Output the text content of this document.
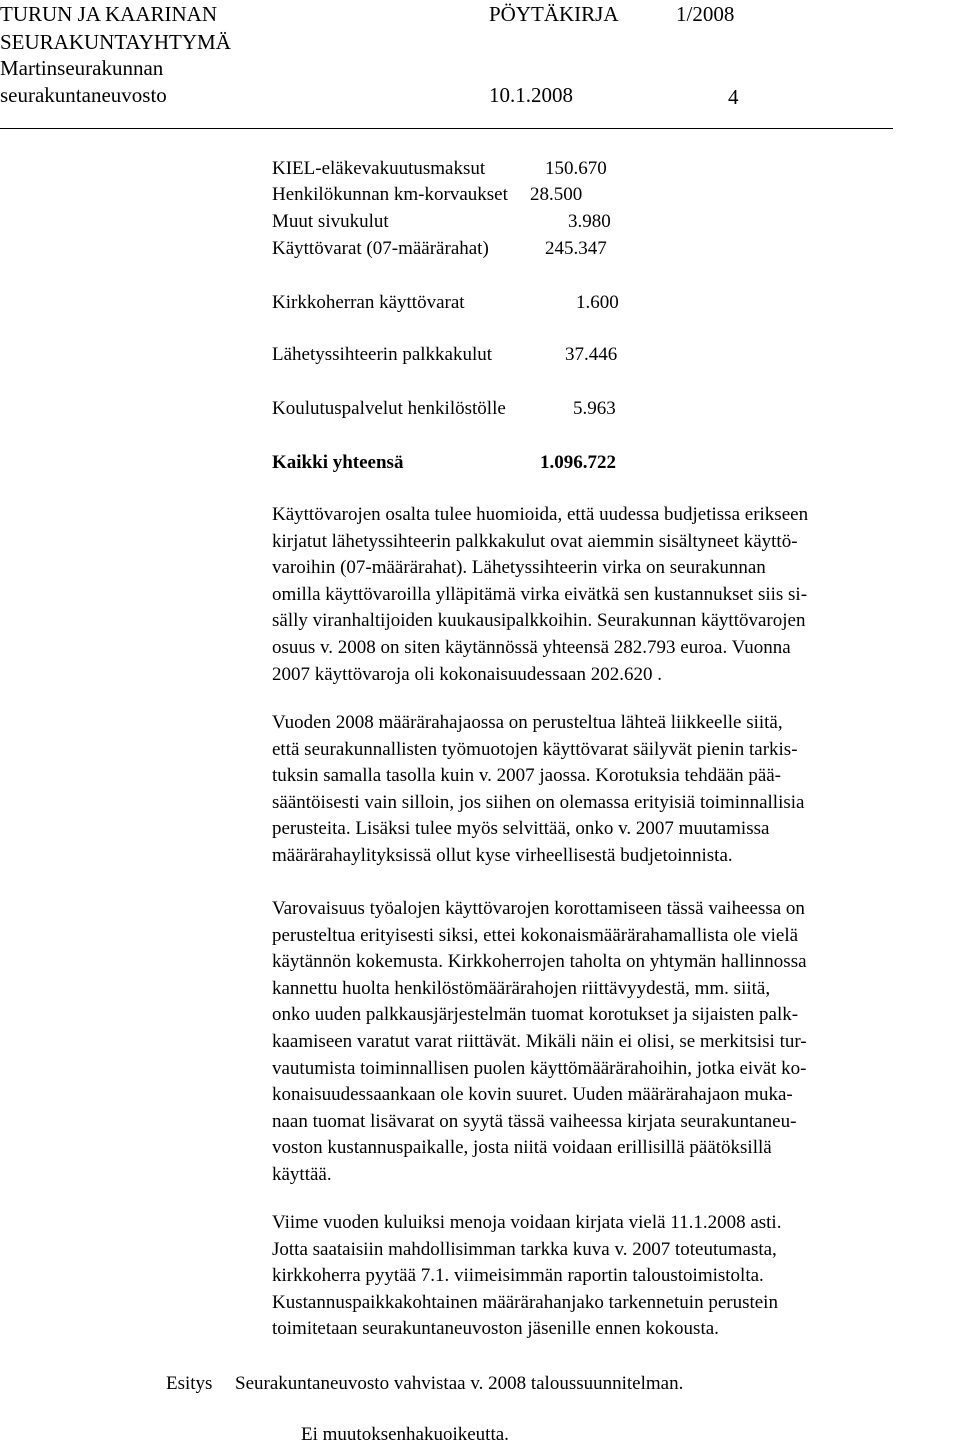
TURUN JA KAARINAN
SEURAKUNTAYHTYMÄ
Martinseurakunnan
seurakuntaneuvosto
PÖYTÄKIRJA	1/2008
10.1.2008	4
KIEL-eläkevakuutusmaksut	150.670
Henkilökunnan km-korvaukset 28.500
Muut sivukulut	3.980
Käyttövarat (07-määrärahat)	245.347
Kirkkoherran käyttövarat	1.600
Lähetyssihteerin palkkakulut	37.446
Koulutuspalvelut henkilöstölle	5.963
Kaikki yhteensä	1.096.722
Käyttövarojen osalta tulee huomioida, että uudessa budjetissa erikseen
kirjatut lähetyssihteerin palkkakulut ovat aiemmin sisältyneet käyttö-
varoihin (07-määrärahat). Lähetyssihteerin virka on seurakunnan
omilla käyttövaroilla ylläpitämä virka eivätkä sen kustannukset siis si-
sälly viranhaltijoiden kuukausipalkkoihin. Seurakunnan käyttövarojen
osuus v. 2008 on siten käytännössä yhteensä 282.793 euroa. Vuonna
2007 käyttövaroja oli kokonaisuudessaan 202.620 .
Vuoden 2008 määrärahajaossa on perusteltua lähteä liikkeelle siitä,
että seurakunnallisten työmuotojen käyttövarat säilyvät pienin tarkis-
tuksin samalla tasolla kuin v. 2007 jaossa. Korotuksia tehdään pää-
sääntöisesti vain silloin, jos siihen on olemassa erityisiä toiminnallisia
perusteita. Lisäksi tulee myös selvittää, onko v. 2007 muutamissa
määrärahaylityksissä ollut kyse virheellisestä budjetoinnista.
Varovaisuus työalojen käyttövarojen korottamiseen tässä vaiheessa on
perusteltua erityisesti siksi, ettei kokonaismäärärahamallista ole vielä
käytännön kokemusta. Kirkkoherrojen taholta on yhtymän hallinnossa
kannettu huolta henkilöstömäärärahojen riittävyydestä, mm. siitä,
onko uuden palkkausjärjestelmän tuomat korotukset ja sijaisten palk-
kaamiseen varatut varat riittävät. Mikäli näin ei olisi, se merkitsisi tur-
vautumista toiminnallisen puolen käyttömäärärahoihin, jotka eivät ko-
konaisuudessaankaan ole kovin suuret. Uuden määrärahajaon muka-
naan tuomat lisävarat on syytä tässä vaiheessa kirjata seurakuntaneu-
voston kustannuspaikalle, josta niitä voidaan erillisillä päätöksillä
käyttää.
Viime vuoden kuluiksi menoja voidaan kirjata vielä 11.1.2008 asti.
Jotta saataisiin mahdollisimman tarkka kuva v. 2007 toteutumasta,
kirkkoherra pyytää 7.1. viimeisimmän raportin taloustoimistolta.
Kustannuspaikkakohtainen määrärahanjako tarkennetuin perustein
toimitetaan seurakuntaneuvoston jäsenille ennen kokousta.
Esitys Seurakuntaneuvosto vahvistaa v. 2008 taloussuunnitelman.
Ei muutoksenhakuoikeutta.
